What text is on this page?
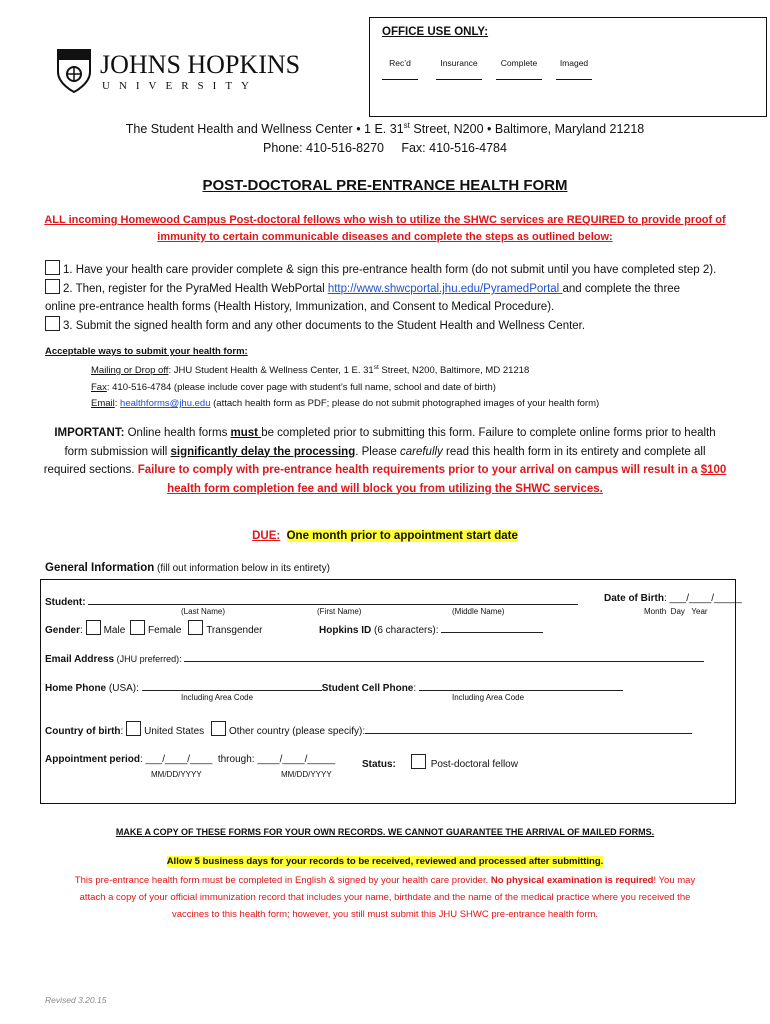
JOHNS HOPKINS
UNIVERSITY
OFFICE USE ONLY:
Rec’d	Insurance	Complete	Imaged
The Student Health and Wellness Center • 1 E. 31st Street, N200 • Baltimore, Maryland 21218
Phone: 410-516-8270     Fax: 410-516-4784
POST-DOCTORAL PRE-ENTRANCE HEALTH FORM
ALL incoming Homewood Campus Post-doctoral fellows who wish to utilize the SHWC services are REQUIRED to provide proof of
immunity to certain communicable diseases and complete the steps as outlined below:
1. Have your health care provider complete & sign this pre-entrance health form (do not submit until you have completed step 2).
2. Then, register for the PyraMed Health WebPortal http://www.shwcportal.jhu.edu/PyramedPortal and complete the three
online pre-entrance health forms (Health History, Immunization, and Consent to Medical Procedure).
3. Submit the signed health form and any other documents to the Student Health and Wellness Center.
Acceptable ways to submit your health form:
Mailing or Drop off: JHU Student Health & Wellness Center, 1 E. 31st Street, N200, Baltimore, MD 21218
Fax: 410-516-4784 (please include cover page with student’s full name, school and date of birth)
Email: healthforms@jhu.edu (attach health form as PDF; please do not submit photographed images of your health form)
IMPORTANT: Online health forms must be completed prior to submitting this form. Failure to complete online forms prior to health
form submission will significantly delay the processing. Please carefully read this health form in its entirety and complete all
required sections. Failure to comply with pre-entrance health requirements prior to your arrival on campus will result in a $100
health form completion fee and will block you from utilizing the SHWC services.
DUE: One month prior to appointment start date
General Information (fill out information below in its entirety)
Student:	Date of Birth: ___/____/_____
(Last Name)	(First Name)	(Middle Name)	Month  Day   Year
Gender: Male Female Transgender	Hopkins ID (6 characters):
Email Address (JHU preferred):
Home Phone (USA):	Student Cell Phone:
Including Area Code	Including Area Code
Country of birth: United States Other country (please specify):
Appointment period: ___/____/____  through: ____/____/_____
MM/DD/YYYY	MM/DD/YYYY
Status:	Post-doctoral fellow
MAKE A COPY OF THESE FORMS FOR YOUR OWN RECORDS. WE CANNOT GUARANTEE THE ARRIVAL OF MAILED FORMS.
Allow 5 business days for your records to be received, reviewed and processed after submitting.
This pre-entrance health form must be completed in English & signed by your health care provider. No physical examination is required! You may
attach a copy of your official immunization record that includes your name, birthdate and the name of the medical practice where you received the
vaccines to this health form; however, you still must submit this JHU SHWC pre-entrance health form.
Revised 3.20.15
